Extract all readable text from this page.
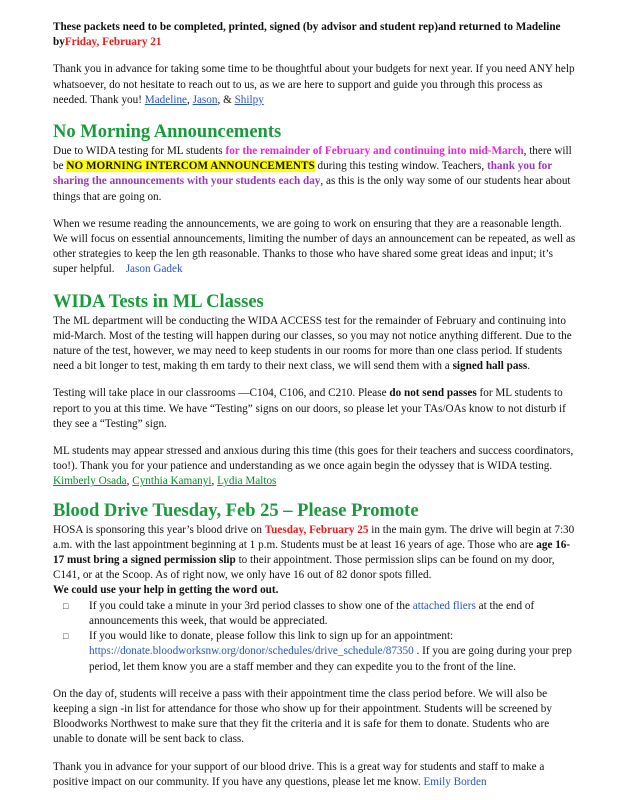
These packets need to be completed, printed, signed (by advisor and student rep)and returned to Madeline byFriday, February 21

Thank you in advance for taking some time to be thoughtful about your budgets for next year. If you need ANY help whatsoever, do not hesitate to reach out to us, as we are here to support and guide you through this process as needed. Thank you! Madeline, Jason, & Shilpy

No Morning Announcements

Due to WIDA testing for ML students for the remainder of February and continuing into mid-March, there will be NO MORNING INTERCOM ANNOUNCEMENTS during this testing window. Teachers, thank you for sharing the announcements with your students each day, as this is the only way some of our students hear about things that are going on.

When we resume reading the announcements, we are going to work on ensuring that they are a reasonable length. We will focus on essential announcements, limiting the number of days an announcement can be repeated, as well as other strategies to keep the len gth reasonable. Thanks to those who have shared some great ideas and input; it’s super helpful. Jason Gadek

WIDA Tests in ML Classes

The ML department will be conducting the WIDA ACCESS test for the remainder of February and continuing into mid-March. Most of the testing will happen during our classes, so you may not notice anything different. Due to the nature of the test, however, we may need to keep students in our rooms for more than one class period. If students need a bit longer to test, making th em tardy to their next class, we will send them with a signed hall pass.

Testing will take place in our classrooms —C104, C106, and C210. Please do not send passes for ML students to report to you at this time. We have “Testing” signs on our doors, so please let your TAs/OAs know to not disturb if they see a “Testing” sign.

ML students may appear stressed and anxious during this time (this goes for their teachers and success coordinators, too!). Thank you for your patience and understanding as we once again begin the odyssey that is WIDA testing. Kimberly Osada, Cynthia Kamanyi, Lydia Maltos

Blood Drive Tuesday, Feb 25 – Please Promote

HOSA is sponsoring this year’s blood drive on Tuesday, February 25 in the main gym. The drive will begin at 7:30 a.m. with the last appointment beginning at 1 p.m. Students must be at least 16 years of age. Those who are age 16-17 must bring a signed permission slip to their appointment. Those permission slips can be found on my door, C141, or at the Scoop. As of right now, we only have 16 out of 82 donor spots filled.

We could use your help in getting the word out.

□ If you could take a minute in your 3rd period classes to show one of the attached fliers at the end of announcements this week, that would be appreciated.
□ If you would like to donate, please follow this link to sign up for an appointment: https://donate.bloodworksnw.org/donor/schedules/drive_schedule/87350 . If you are going during your prep period, let them know you are a staff member and they can expedite you to the front of the line.

On the day of, students will receive a pass with their appointment time the class period before. We will also be keeping a sign -in list for attendance for those who show up for their appointment. Students will be screened by Bloodworks Northwest to make sure that they fit the criteria and it is safe for them to donate. Students who are unable to donate will be sent back to class.

Thank you in advance for your support of our blood drive. This is a great way for students and staff to make a positive impact on our community. If you have any questions, please let me know. Emily Borden
